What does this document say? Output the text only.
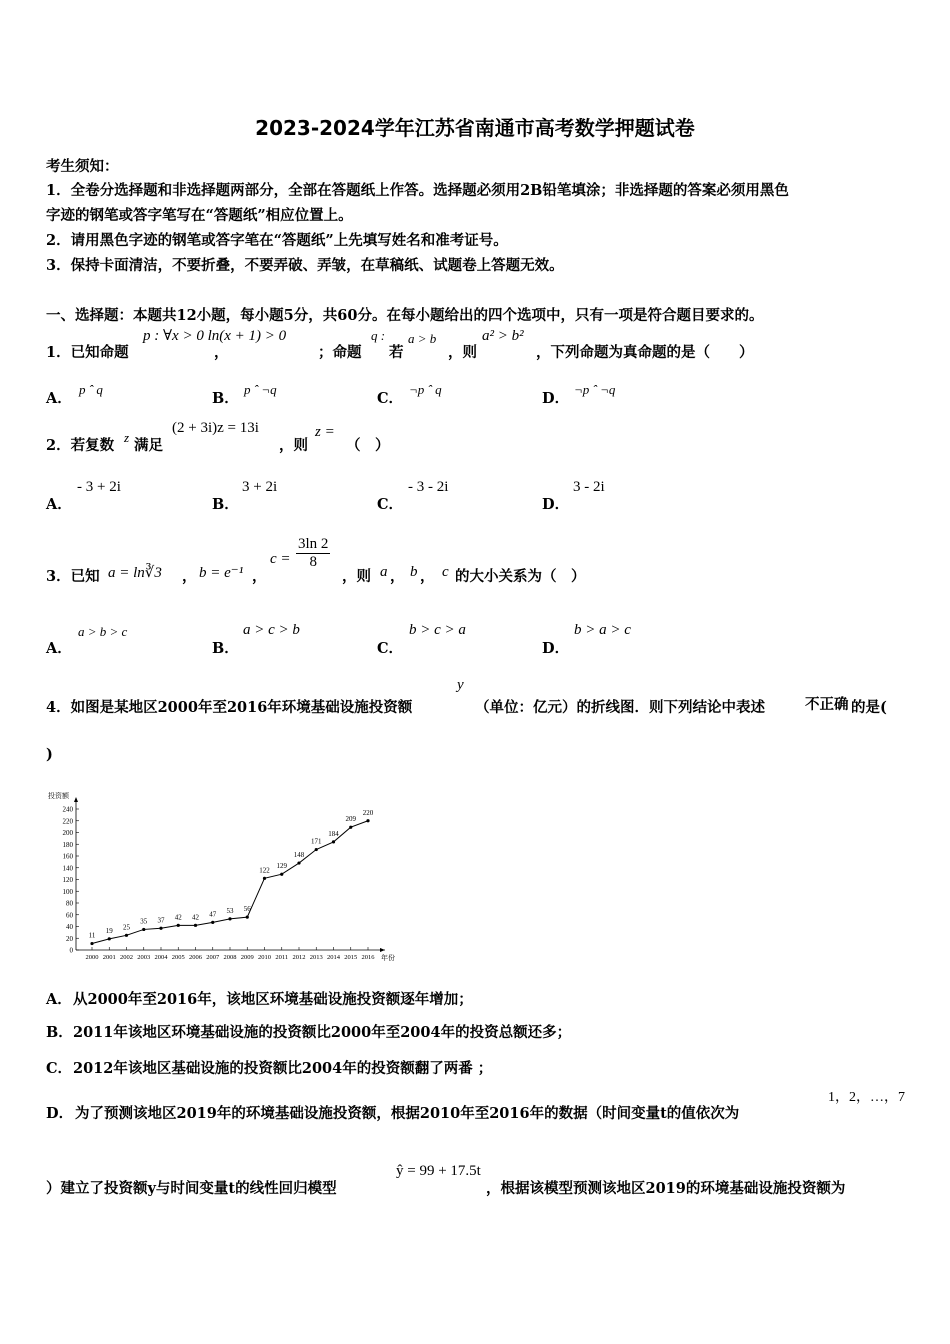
2023-2024学年江苏省南通市高考数学押题试卷
考生须知：
1．全卷分选择题和非选择题两部分，全部在答题纸上作答。选择题必须用2B铅笔填涂；非选择题的答案必须用黑色
字迹的钢笔或答字笔写在“答题纸”相应位置上。
2．请用黑色字迹的钢笔或答字笔在“答题纸”上先填写姓名和准考证号。
3．保持卡面清洁，不要折叠，不要弄破、弄皱，在草稿纸、试题卷上答题无效。
一、选择题：本题共12小题，每小题5分，共60分。在每小题给出的四个选项中，只有一项是符合题目要求的。
1．已知命题
p : ∀x > 0 ln(x + 1) > 0
，	；命题
q :
若
a > b
，则
a² > b²
，下列命题为真命题的是（　　）
A．
p ˆ q
B．
p ˆ ¬q
C．
¬p ˆ q
D．
¬p ˆ ¬q
2．若复数 z 满足
(2 + 3i)z = 13i
，则
z =
（　）
A．
- 3 + 2i
B．
3 + 2i
C．
- 3 - 2i
D．
3 - 2i
3．已知 a = ln∛3 ， b = e⁻¹ ，
$c = \frac{3\ln 2}{8}$
，则 a ， b ， c 的大小关系为（　）
A．
a > b > c
B．
a > c > b
C．
b > c > a
D．
b > a > c
4．如图是某地区2000年至2016年环境基础设施投资额
y
（单位：亿元）的折线图．则下列结论中表述	不正确 的是(
)
0
20
40
60
80
100
120
140
160
180
200
220
240
2000 2001 2002 2003 2004 2005 2006 2007 2008 2009 2010 2011 2012 2013 2014 2015 2016
11
19 25
35 37 42 42 47 53 56
122
129
148
171
184
209
220
投资额
年份
A． 从2000年至2016年，该地区环境基础设施投资额逐年增加；
B． 2011年该地区环境基础设施的投资额比2000年至2004年的投资总额还多；
C． 2012年该地区基础设施的投资额比2004年的投资额翻了两番 ；
D． 为了预测该地区2019年的环境基础设施投资额，根据2010年至2016年的数据（时间变量t的值依次为
1，2，…，7
）建立了投资额y与时间变量t的线性回归模型
ŷ = 99 + 17.5t
，根据该模型预测该地区2019的环境基础设施投资额为
